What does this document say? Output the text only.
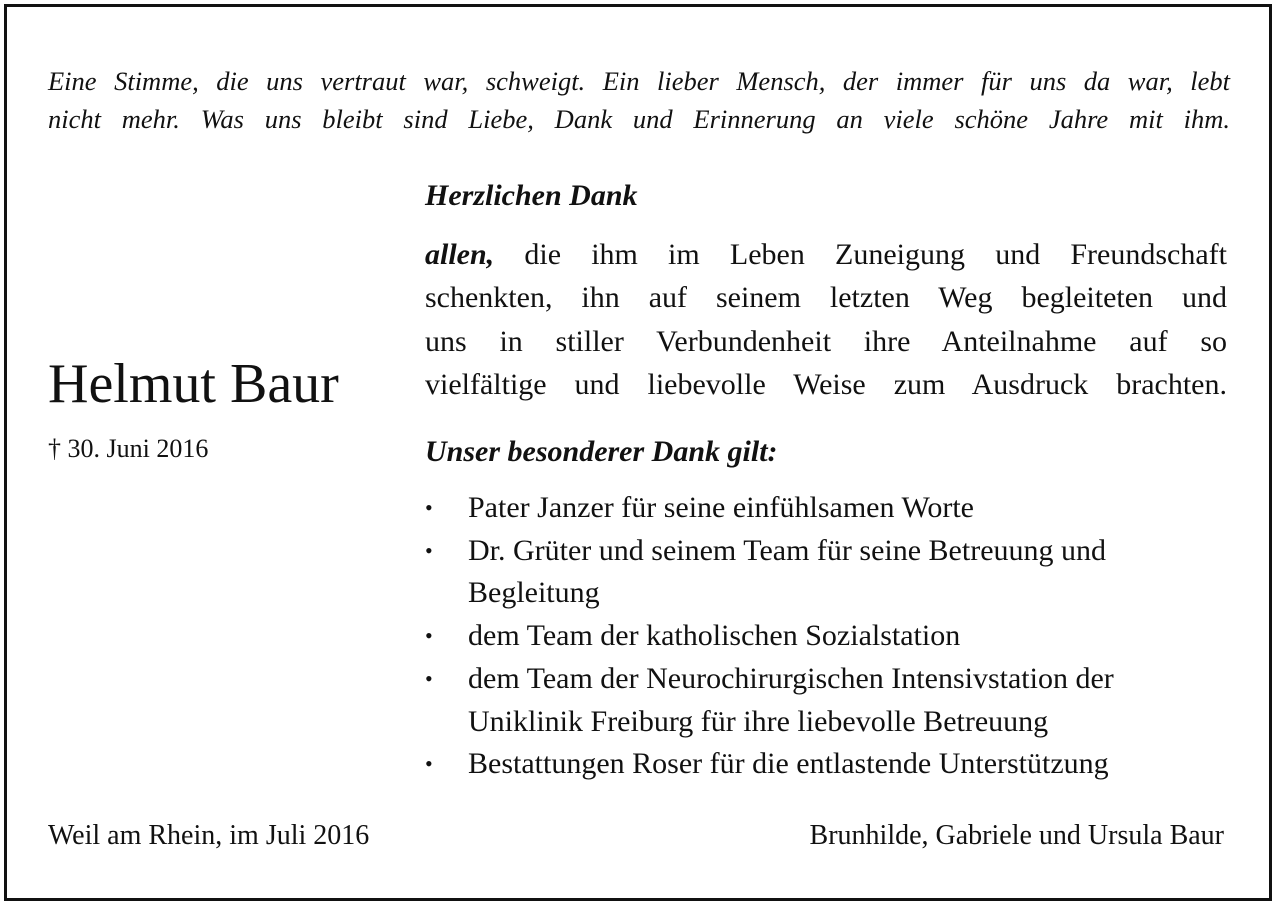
Eine Stimme, die uns vertraut war, schweigt. Ein lieber Mensch, der immer für uns da war, lebt
nicht mehr. Was uns bleibt sind Liebe, Dank und Erinnerung an viele schöne Jahre mit ihm.
Helmut Baur
† 30. Juni 2016
Herzlichen Dank
allen, die ihm im Leben Zuneigung und Freundschaft
schenkten, ihn auf seinem letzten Weg begleiteten und
uns in stiller Verbundenheit ihre Anteilnahme auf so
vielfältige und liebevolle Weise zum Ausdruck brachten.
Unser besonderer Dank gilt:
• Pater Janzer für seine einfühlsamen Worte
• Dr. Grüter und seinem Team für seine Betreuung und
Begleitung
• dem Team der katholischen Sozialstation
• dem Team der Neurochirurgischen Intensivstation der
Uniklinik Freiburg für ihre liebevolle Betreuung
• Bestattungen Roser für die entlastende Unterstützung
Weil am Rhein, im Juli 2016	Brunhilde, Gabriele und Ursula Baur
